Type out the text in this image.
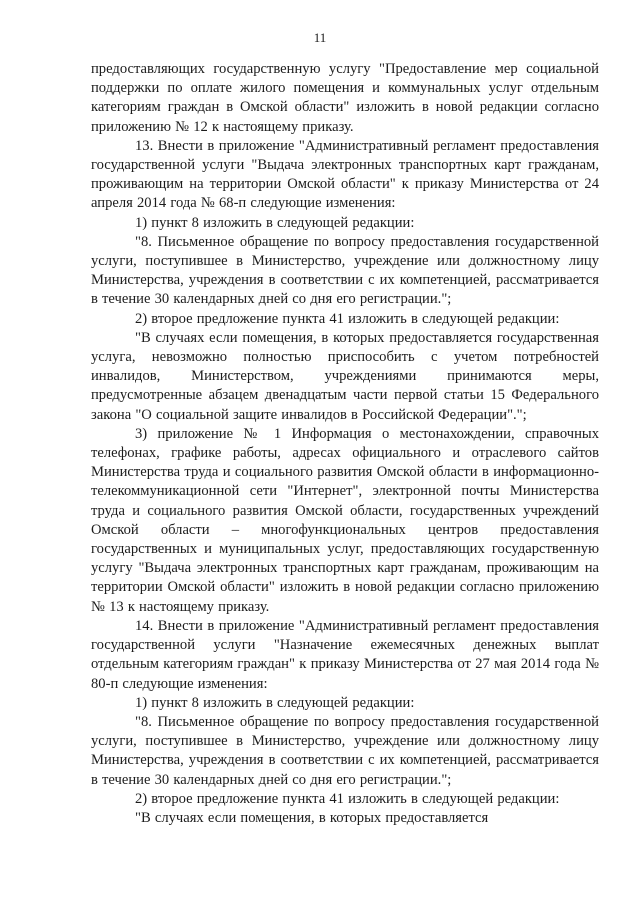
11

предоставляющих государственную услугу "Предоставление мер социальной поддержки по оплате жилого помещения и коммунальных услуг отдельным категориям граждан в Омской области" изложить в новой редакции согласно приложению № 12 к настоящему приказу.

13. Внести в приложение "Административный регламент предоставления государственной услуги "Выдача электронных транспортных карт гражданам, проживающим на территории Омской области" к приказу Министерства от 24 апреля 2014 года № 68-п следующие изменения:

1) пункт 8 изложить в следующей редакции:

"8. Письменное обращение по вопросу предоставления государственной услуги, поступившее в Министерство, учреждение или должностному лицу Министерства, учреждения в соответствии с их компетенцией, рассматривается в течение 30 календарных дней со дня его регистрации.";

2) второе предложение пункта 41 изложить в следующей редакции:

"В случаях если помещения, в которых предоставляется государственная услуга, невозможно полностью приспособить с учетом потребностей инвалидов, Министерством, учреждениями принимаются меры, предусмотренные абзацем двенадцатым части первой статьи 15 Федерального закона "О социальной защите инвалидов в Российской Федерации".";

3) приложение № 1 Информация о местонахождении, справочных телефонах, графике работы, адресах официального и отраслевого сайтов Министерства труда и социального развития Омской области в информационно-телекоммуникационной сети "Интернет", электронной почты Министерства труда и социального развития Омской области, государственных учреждений Омской области – многофункциональных центров предоставления государственных и муниципальных услуг, предоставляющих государственную услугу "Выдача электронных транспортных карт гражданам, проживающим на территории Омской области" изложить в новой редакции согласно приложению № 13 к настоящему приказу.

14. Внести в приложение "Административный регламент предоставления государственной услуги "Назначение ежемесячных денежных выплат отдельным категориям граждан" к приказу Министерства от 27 мая 2014 года № 80-п следующие изменения:

1) пункт 8 изложить в следующей редакции:

"8. Письменное обращение по вопросу предоставления государственной услуги, поступившее в Министерство, учреждение или должностному лицу Министерства, учреждения в соответствии с их компетенцией, рассматривается в течение 30 календарных дней со дня его регистрации.";

2) второе предложение пункта 41 изложить в следующей редакции:

"В случаях если помещения, в которых предоставляется
